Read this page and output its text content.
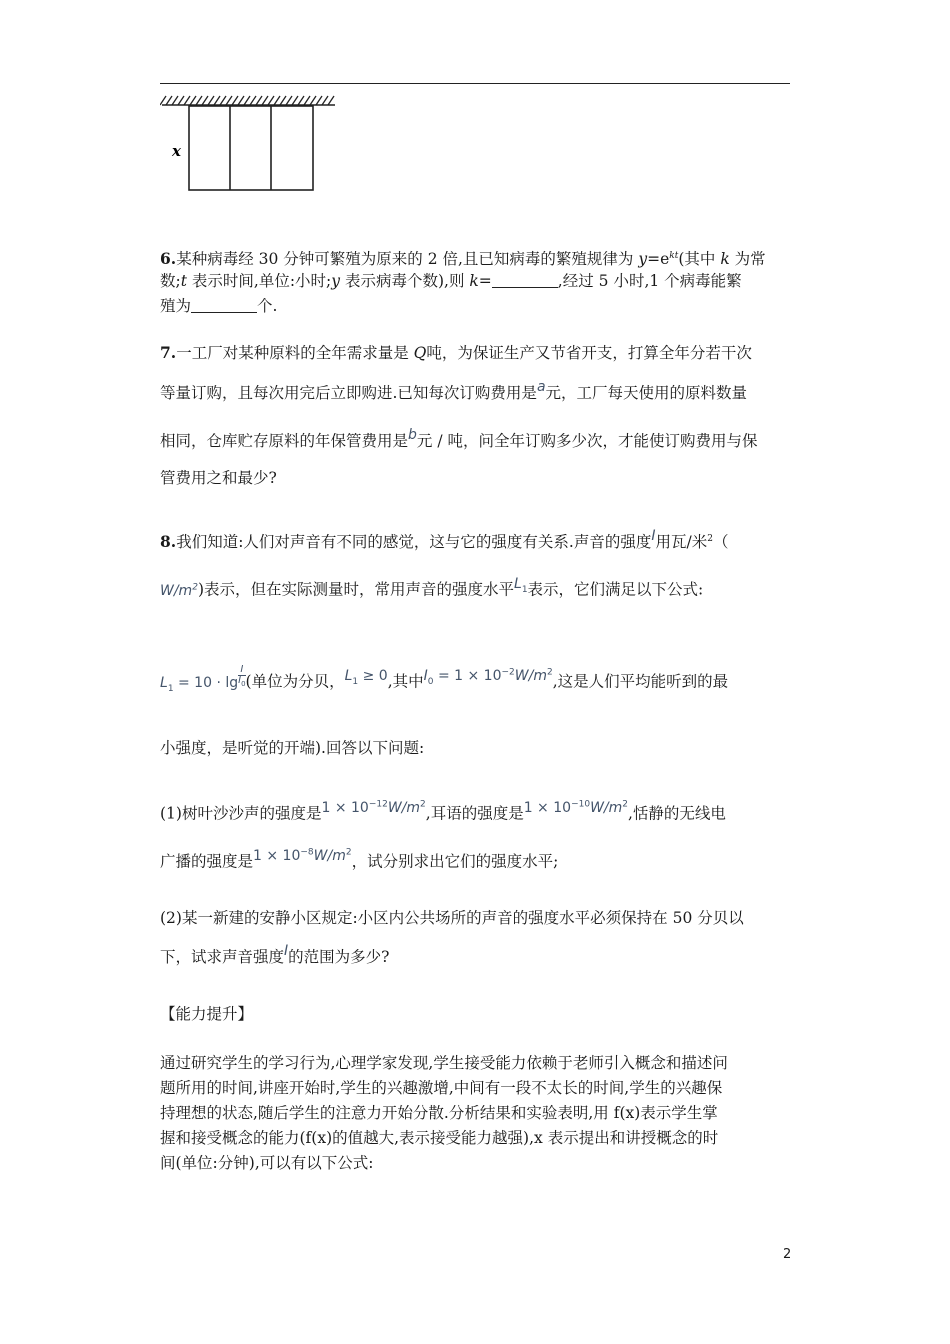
x
6.某种病毒经 30 分钟可繁殖为原来的 2 倍,且已知病毒的繁殖规律为 $y=e^{kt}$(其中 k 为常
数;t 表示时间,单位:小时;y 表示病毒个数),则 k=	,经过 5 小时,1 个病毒能繁
殖为	个.
7.一工厂对某种原料的全年需求量是 Q吨，为保证生产又节省开支，打算全年分若干次
等量订购，且每次用完后立即购进.已知每次订购费用是a元，工厂每天使用的原料数量
相同，仓库贮存原料的年保管费用是b元 / 吨，问全年订购多少次，才能使订购费用与保
管费用之和最少?
8.我们知道:人们对声音有不同的感觉，这与它的强度有关系.声音的强度I用瓦/米$^2$（
$W/m^2$)表示，但在实际测量时，常用声音的强度水平$L_1$表示，它们满足以下公式:
$L_1 = 10 \cdot \lg \frac{I}{I_0}$ (单位为分贝，$L_1 \ge 0$,其中$I_0 = 1 \times 10^{-2}W/m^2$,这是人们平均能听到的最
小强度，是听觉的开端).回答以下问题:
(1)树叶沙沙声的强度是$1 \times 10^{-12}W/m^2$,耳语的强度是$1 \times 10^{-10}W/m^2$,恬静的无线电
广播的强度是$1 \times 10^{-8}W/m^2$，试分别求出它们的强度水平;
(2)某一新建的安静小区规定:小区内公共场所的声音的强度水平必须保持在 50 分贝以
下，试求声音强度I的范围为多少?
【能力提升】
通过研究学生的学习行为,心理学家发现,学生接受能力依赖于老师引入概念和描述问
题所用的时间,讲座开始时,学生的兴趣激增,中间有一段不太长的时间,学生的兴趣保
持理想的状态,随后学生的注意力开始分散.分析结果和实验表明,用 f(x)表示学生掌
握和接受概念的能力(f(x)的值越大,表示接受能力越强),x 表示提出和讲授概念的时
间(单位:分钟),可以有以下公式:
2
